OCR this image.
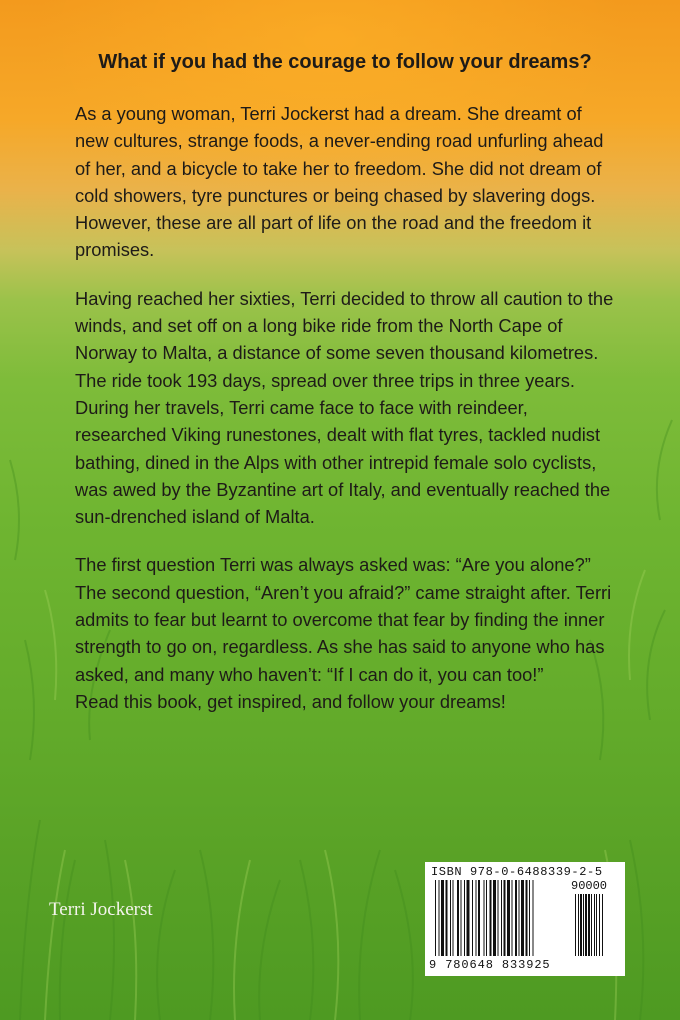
What if you had the courage to follow your dreams?

As a young woman, Terri Jockerst had a dream. She dreamt of new cultures, strange foods, a never-ending road unfurling ahead of her, and a bicycle to take her to freedom. She did not dream of cold showers, tyre punctures or being chased by slavering dogs. However, these are all part of life on the road and the freedom it promises.

Having reached her sixties, Terri decided to throw all caution to the winds, and set off on a long bike ride from the North Cape of Norway to Malta, a distance of some seven thousand kilometres.

The ride took 193 days, spread over three trips in three years. During her travels, Terri came face to face with reindeer, researched Viking runestones, dealt with flat tyres, tackled nudist bathing, dined in the Alps with other intrepid female solo cyclists, was awed by the Byzantine art of Italy, and eventually reached the sun-drenched island of Malta.

The first question Terri was always asked was: “Are you alone?” The second question, “Aren’t you afraid?” came straight after. Terri admits to fear but learnt to overcome that fear by finding the inner strength to go on, regardless. As she has said to anyone who has asked, and many who haven’t: “If I can do it, you can too!”

Read this book, get inspired, and follow your dreams!

Terri Jockerst
ISBN 978-0-6488339-2-5
90000
9 780648 833925
